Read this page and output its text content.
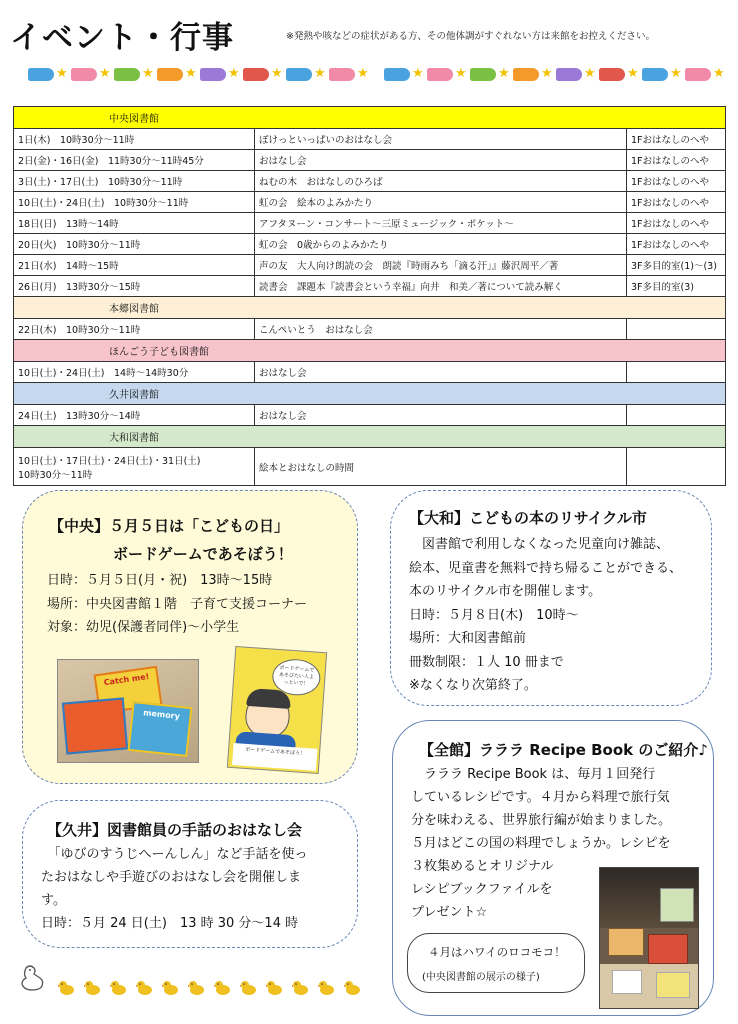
イベント・行事	※発熱や咳などの症状がある方、その他体調がすぐれない方は来館をお控えください。
★ ★ ★ ★ ★ ★ ★ ★	★ ★ ★ ★ ★ ★ ★ ★
中央図書館		
1日(木)　10時30分～11時	ぽけっといっぱいのおはなし会	1Fおはなしのへや
2日(金)・16日(金)　11時30分～11時45分	おはなし会	1Fおはなしのへや
3日(土)・17日(土)　10時30分～11時	ねむの木　おはなしのひろば	1Fおはなしのへや
10日(土)・24日(土)　10時30分～11時	虹の会　絵本のよみかたり	1Fおはなしのへや
18日(日)　13時～14時	アフタヌーン・コンサート～三原ミュージック・ポケット～	1Fおはなしのへや
20日(火)　10時30分～11時	虹の会　0歳からのよみかたり	1Fおはなしのへや
21日(水)　14時～15時	声の友　大人向け朗読の会　朗読『時雨みち「滴る汗」』藤沢周平／著	3F多目的室(1)～(3)
26日(月)　13時30分～15時	読書会　課題本『読書会という幸福』向井　和美／著について読み解く	3F多目的室(3)
本郷図書館		
22日(木)　10時30分～11時	こんぺいとう　おはなし会	
ほんごう子ども図書館		
10日(土)・24日(土)　14時～14時30分	おはなし会	
久井図書館		
24日(土)　13時30分～14時	おはなし会	
大和図書館		

10日(土)・17日(土)・24日(土)・31日(土)
10時30分～11時	絵本とおはなしの時間	
【中央】５月５日は「こどもの日」
ボードゲームであそぼう！

日時：５月５日(月・祝)　13時～15時

場所：中央図書館１階　子育て支援コーナー

対象：幼児(保護者同伴)～小学生

Catch me!
memory
ボードゲームであそびたい人よっといで！
ボードゲームであそぼう！
【大和】こどもの本のリサイクル市

　図書館で利用しなくなった児童向け雑誌、

絵本、児童書を無料で持ち帰ることができる、

本のリサイクル市を開催します。

日時：５月８日(木)　10時～

場所：大和図書館前

冊数制限：１人 10 冊まで

※なくなり次第終了。

【久井】図書館員の手話のおはなし会

　「ゆびのすうじへーんしん」など手話を使っ

たおはなしや手遊びのおはなし会を開催しま

す。

日時：５月 24 日(土)　13 時 30 分～14 時

【全館】ラララ Recipe Book のご紹介♪

　ラララ Recipe Book は、毎月１回発行

しているレシピです。４月から料理で旅行気

分を味わえる、世界旅行編が始まりました。

５月はどこの国の料理でしょうか。レシピを

３枚集めるとオリジナル

レシピブックファイルを

プレゼント☆

４月はハワイのロコモコ！
(中央図書館の展示の様子)
